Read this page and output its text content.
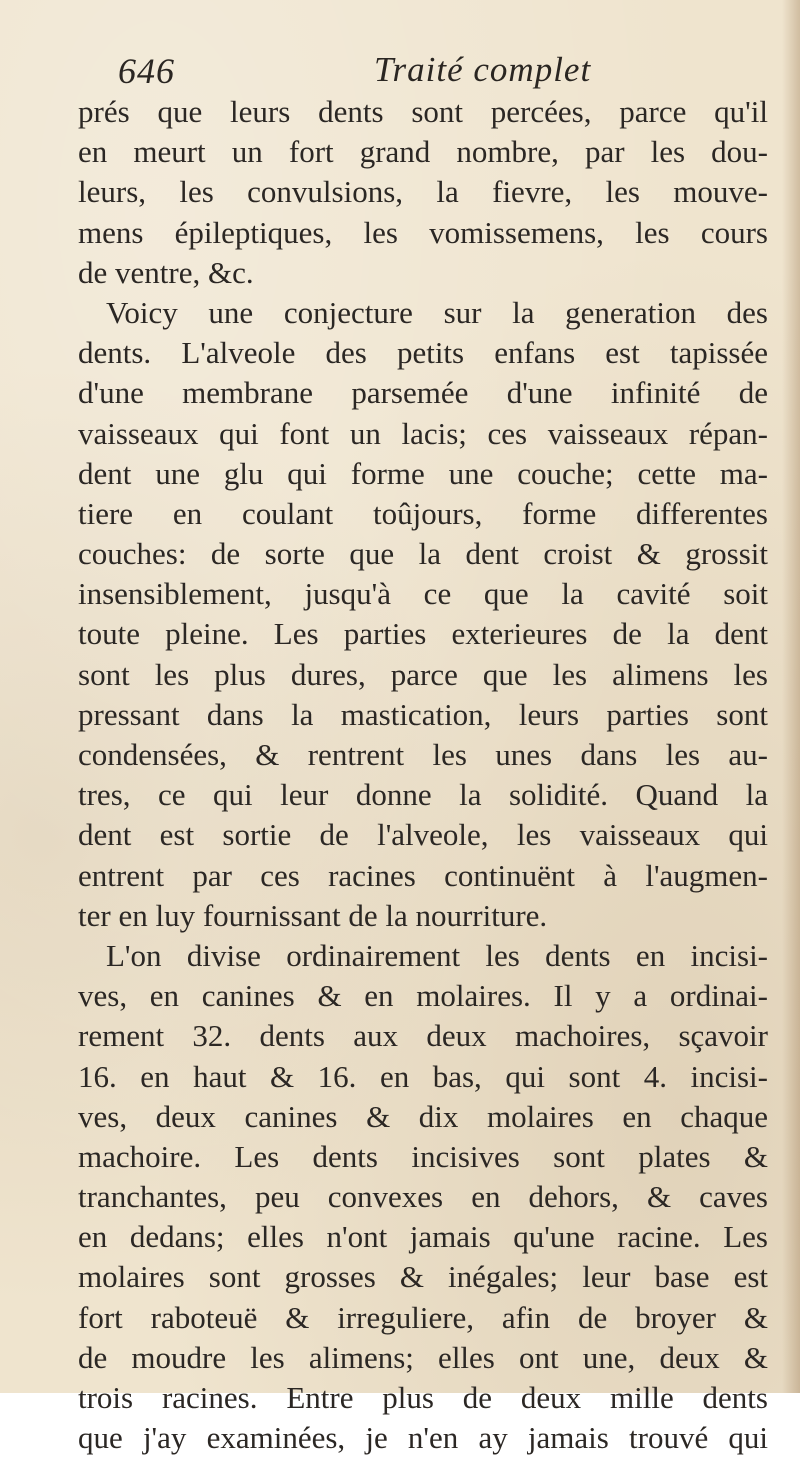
646	Traité complet
prés que leurs dents sont percées, parce qu'il
en meurt un fort grand nombre, par les dou-
leurs, les convulsions, la fievre, les mouve-
mens épileptiques, les vomissemens, les cours
de ventre, &c.
Voicy une conjecture sur la generation des
dents. L'alveole des petits enfans est tapissée
d'une membrane parsemée d'une infinité de
vaisseaux qui font un lacis; ces vaisseaux répan-
dent une glu qui forme une couche; cette ma-
tiere en coulant toûjours, forme differentes
couches: de sorte que la dent croist & grossit
insensiblement, jusqu'à ce que la cavité soit
toute pleine. Les parties exterieures de la dent
sont les plus dures, parce que les alimens les
pressant dans la mastication, leurs parties sont
condensées, & rentrent les unes dans les au-
tres, ce qui leur donne la solidité. Quand la
dent est sortie de l'alveole, les vaisseaux qui
entrent par ces racines continuënt à l'augmen-
ter en luy fournissant de la nourriture.
L'on divise ordinairement les dents en incisi-
ves, en canines & en molaires. Il y a ordinai-
rement 32. dents aux deux machoires, sçavoir
16. en haut & 16. en bas, qui sont 4. incisi-
ves, deux canines & dix molaires en chaque
machoire. Les dents incisives sont plates &
tranchantes, peu convexes en dehors, & caves
en dedans; elles n'ont jamais qu'une racine. Les
molaires sont grosses & inégales; leur base est
fort raboteuë & irreguliere, afin de broyer &
de moudre les alimens; elles ont une, deux &
trois racines. Entre plus de deux mille dents
que j'ay examinées, je n'en ay jamais trouvé qui
